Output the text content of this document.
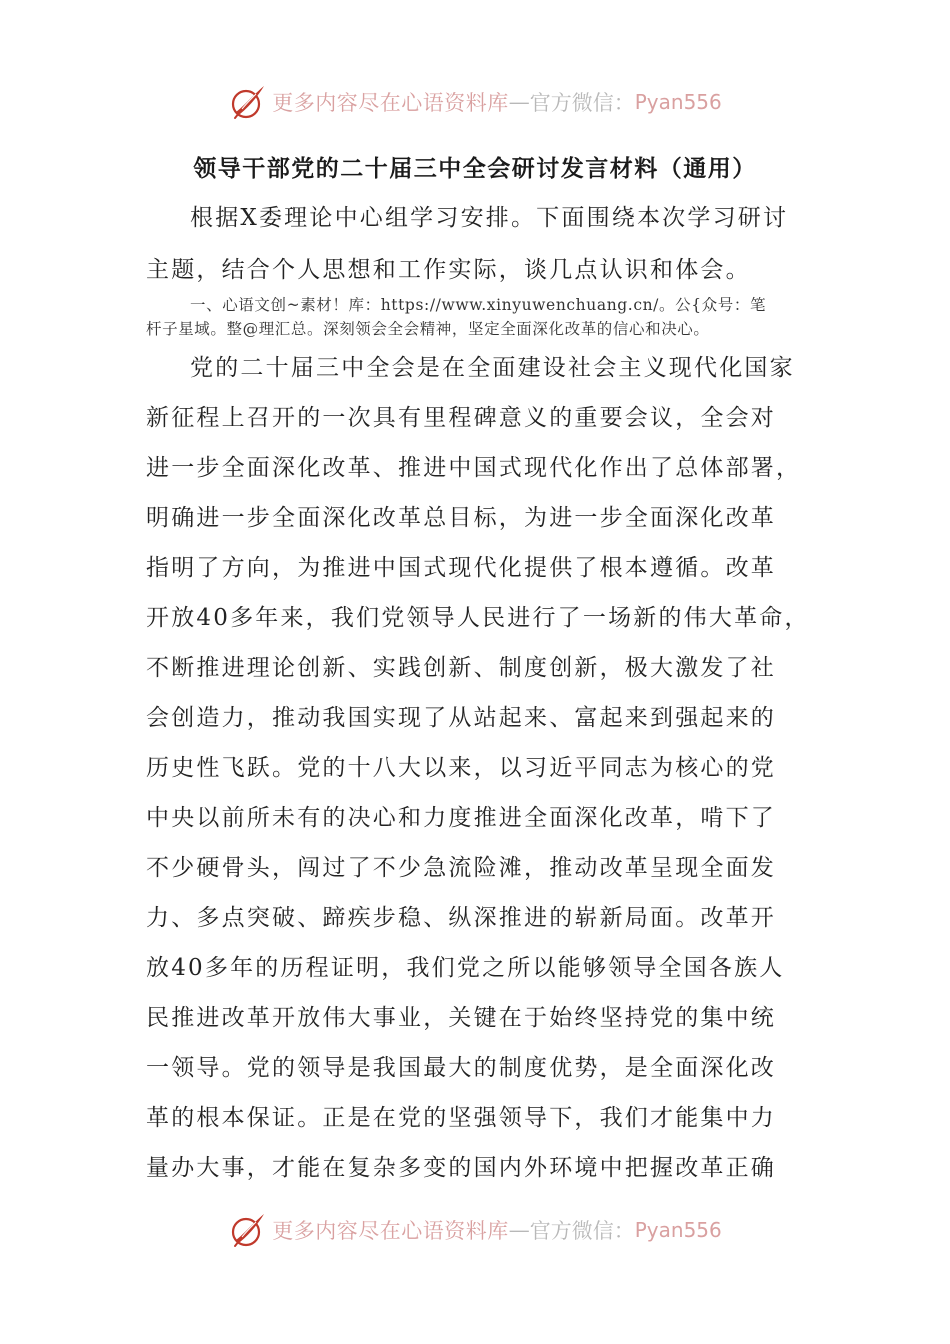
更多内容尽在心语资料库 — 官方微信： Pyan556
领导干部党的二十届三中全会研讨发言材料（通用）
根据X委理论中心组学习安排。下面围绕本次学习研讨
主题，结合个人思想和工作实际，谈几点认识和体会。
一、心语文创~素材！库：https://www.xinyuwenchuang.cn/。公{众号：笔
杆子星域。整@理汇总。深刻领会全会精神，坚定全面深化改革的信心和决心。
党的二十届三中全会是在全面建设社会主义现代化国家
新征程上召开的一次具有里程碑意义的重要会议，全会对
进一步全面深化改革、推进中国式现代化作出了总体部署，
明确进一步全面深化改革总目标，为进一步全面深化改革
指明了方向，为推进中国式现代化提供了根本遵循。改革
开放40多年来，我们党领导人民进行了一场新的伟大革命，
不断推进理论创新、实践创新、制度创新，极大激发了社
会创造力，推动我国实现了从站起来、富起来到强起来的
历史性飞跃。党的十八大以来，以习近平同志为核心的党
中央以前所未有的决心和力度推进全面深化改革，啃下了
不少硬骨头，闯过了不少急流险滩，推动改革呈现全面发
力、多点突破、蹄疾步稳、纵深推进的崭新局面。改革开
放40多年的历程证明，我们党之所以能够领导全国各族人
民推进改革开放伟大事业，关键在于始终坚持党的集中统
一领导。党的领导是我国最大的制度优势，是全面深化改
革的根本保证。正是在党的坚强领导下，我们才能集中力
量办大事，才能在复杂多变的国内外环境中把握改革正确
更多内容尽在心语资料库 — 官方微信： Pyan556
